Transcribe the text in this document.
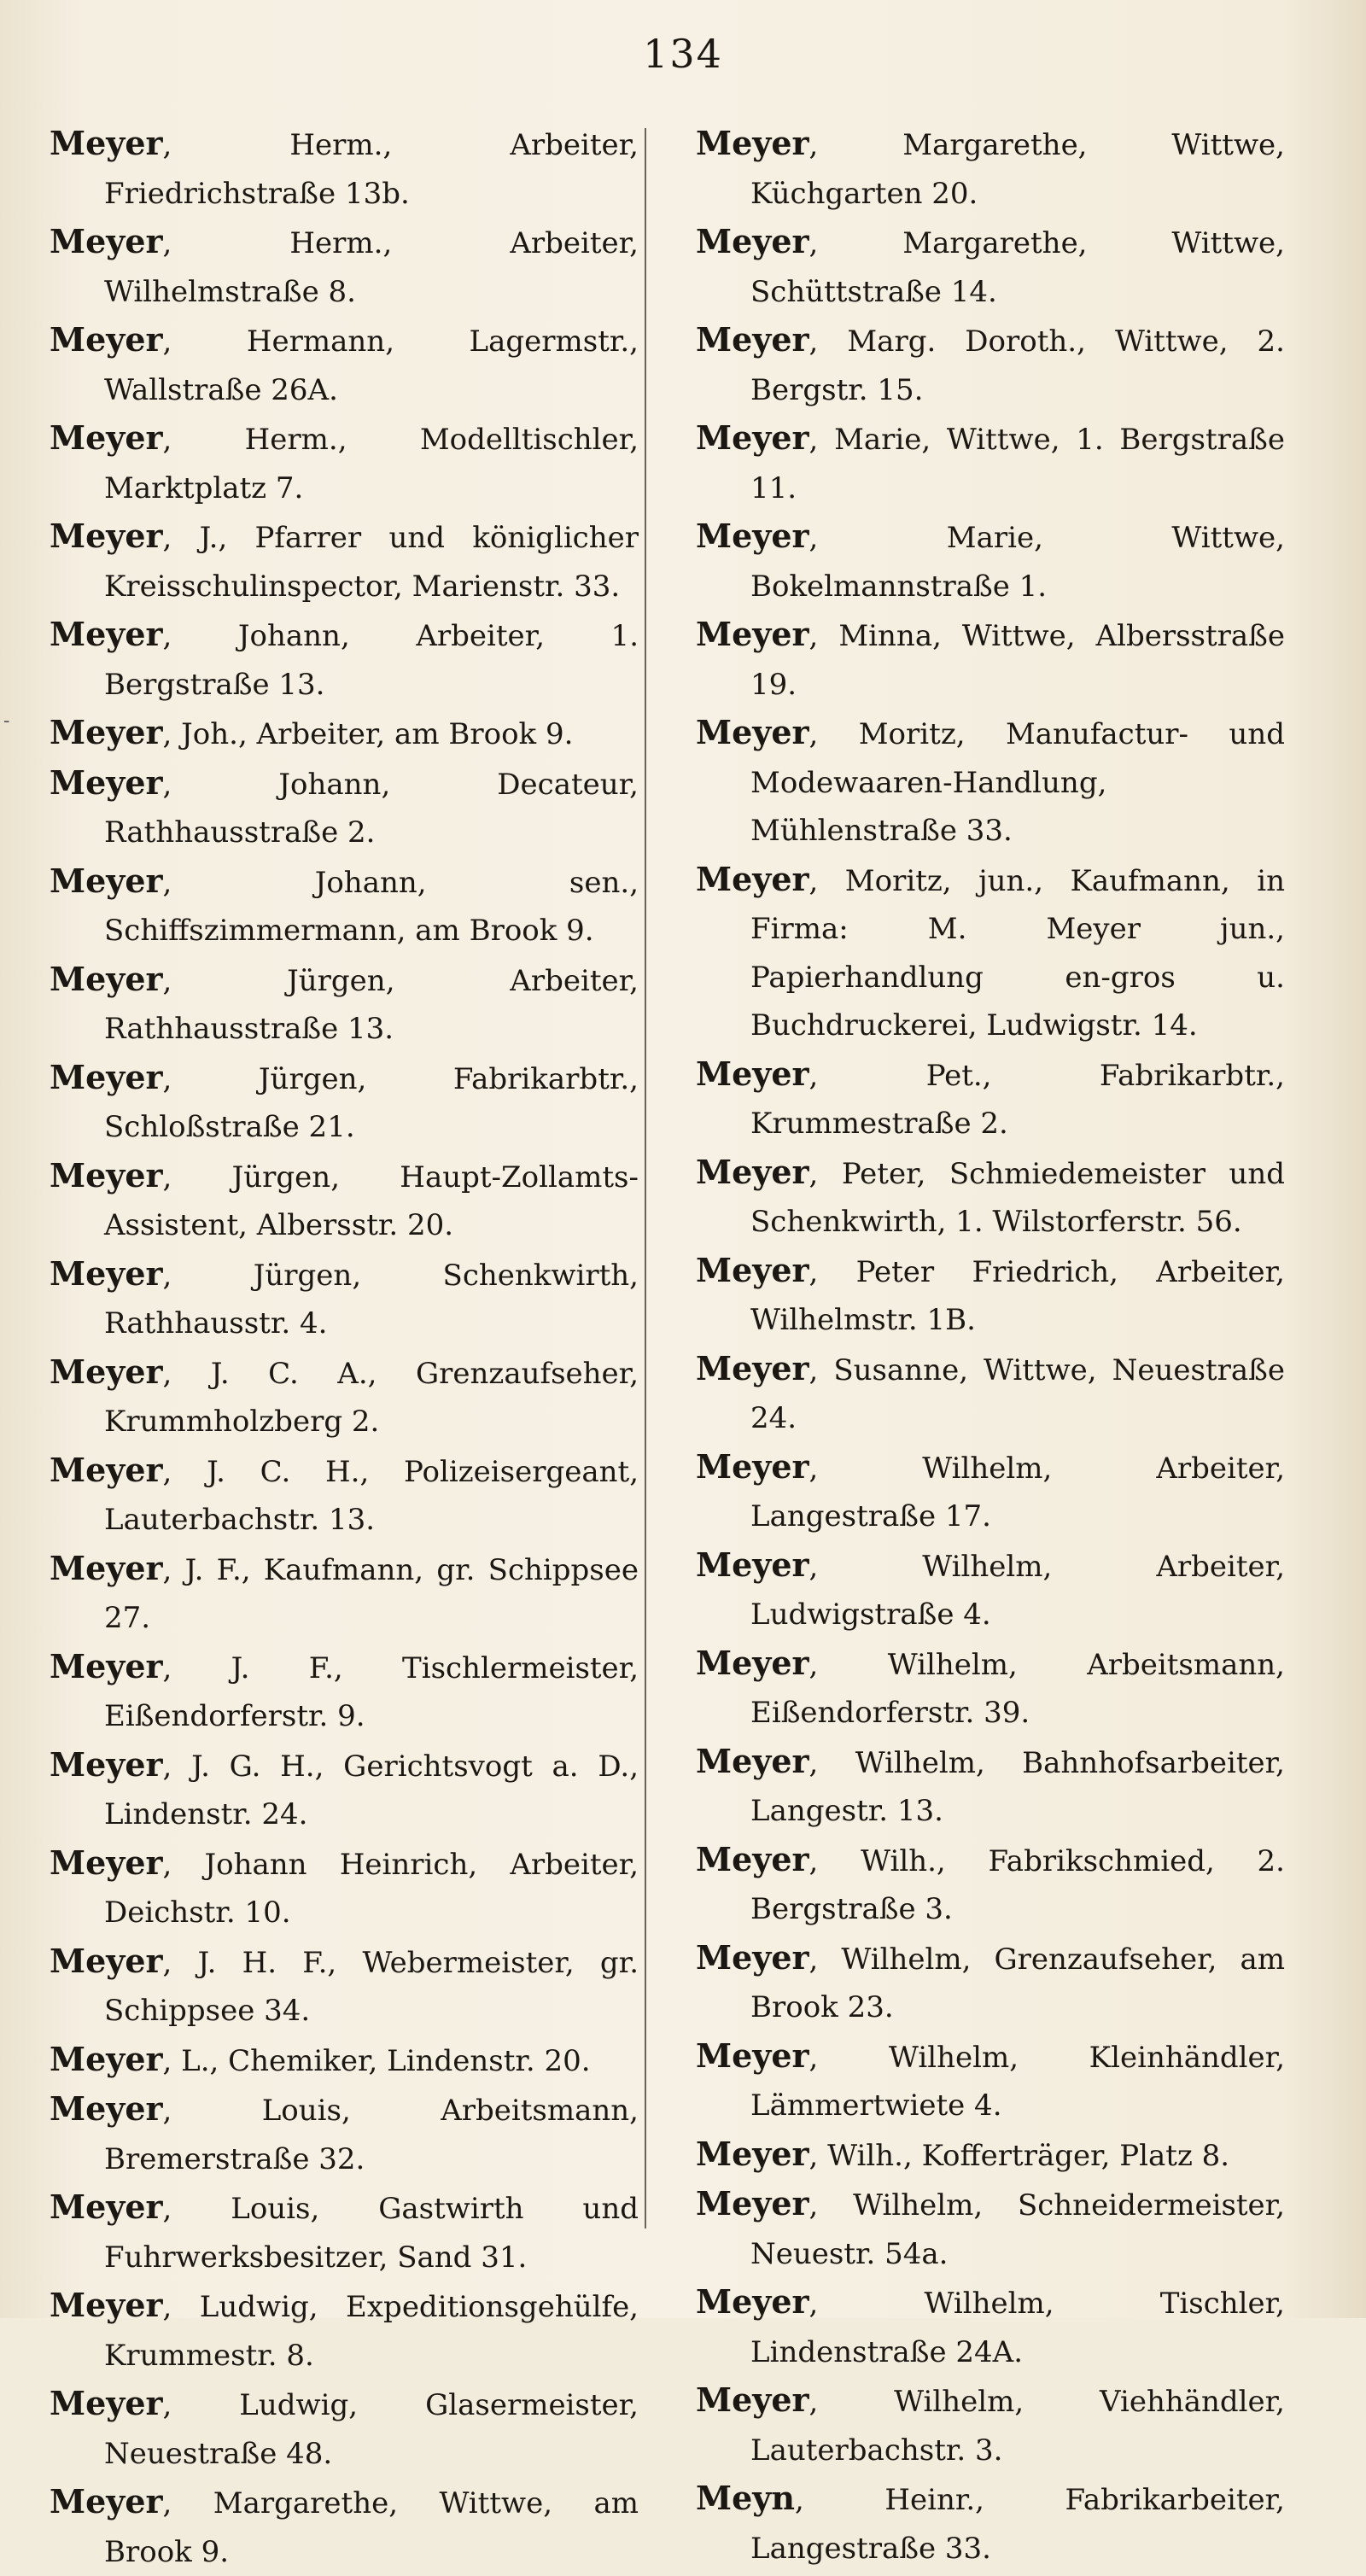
134
-

Meyer, Herm., Arbeiter, Friedrichstraße 13b.

Meyer, Herm., Arbeiter, Wilhelmstraße 8.

Meyer, Hermann, Lagermstr., Wallstraße 26A.

Meyer, Herm., Modelltischler, Marktplatz 7.

Meyer, J., Pfarrer und königlicher Kreisschulinspector, Marienstr. 33.

Meyer, Johann, Arbeiter, 1. Bergstraße 13.

Meyer, Joh., Arbeiter, am Brook 9.

Meyer, Johann, Decateur, Rathhausstraße 2.

Meyer, Johann, sen., Schiffszimmermann, am Brook 9.

Meyer, Jürgen, Arbeiter, Rathhausstraße 13.

Meyer, Jürgen, Fabrikarbtr., Schloßstraße 21.

Meyer, Jürgen, Haupt-Zollamts-Assistent, Albersstr. 20.

Meyer, Jürgen, Schenkwirth, Rathhausstr. 4.

Meyer, J. C. A., Grenzaufseher, Krummholzberg 2.

Meyer, J. C. H., Polizeisergeant, Lauterbachstr. 13.

Meyer, J. F., Kaufmann, gr. Schippsee 27.

Meyer, J. F., Tischlermeister, Eißendorferstr. 9.

Meyer, J. G. H., Gerichtsvogt a. D., Lindenstr. 24.

Meyer, Johann Heinrich, Arbeiter, Deichstr. 10.

Meyer, J. H. F., Webermeister, gr. Schippsee 34.

Meyer, L., Chemiker, Lindenstr. 20.

Meyer, Louis, Arbeitsmann, Bremerstraße 32.

Meyer, Louis, Gastwirth und Fuhrwerksbesitzer, Sand 31.

Meyer, Ludwig, Expeditionsgehülfe, Krummestr. 8.

Meyer, Ludwig, Glasermeister, Neuestraße 48.

Meyer, Margarethe, Wittwe, am Brook 9.

Meyer, Margarethe, Wittwe, Küchgarten 20.

Meyer, Margarethe, Wittwe, Schüttstraße 14.

Meyer, Marg. Doroth., Wittwe, 2. Bergstr. 15.

Meyer, Marie, Wittwe, 1. Bergstraße 11.

Meyer, Marie, Wittwe, Bokelmannstraße 1.

Meyer, Minna, Wittwe, Albersstraße 19.

Meyer, Moritz, Manufactur- und Modewaaren-Handlung, Mühlenstraße 33.

Meyer, Moritz, jun., Kaufmann, in Firma: M. Meyer jun., Papierhandlung en-gros u. Buchdruckerei, Ludwigstr. 14.

Meyer, Pet., Fabrikarbtr., Krummestraße 2.

Meyer, Peter, Schmiedemeister und Schenkwirth, 1. Wilstorferstr. 56.

Meyer, Peter Friedrich, Arbeiter, Wilhelmstr. 1B.

Meyer, Susanne, Wittwe, Neuestraße 24.

Meyer, Wilhelm, Arbeiter, Langestraße 17.

Meyer, Wilhelm, Arbeiter, Ludwigstraße 4.

Meyer, Wilhelm, Arbeitsmann, Eißendorferstr. 39.

Meyer, Wilhelm, Bahnhofsarbeiter, Langestr. 13.

Meyer, Wilh., Fabrikschmied, 2. Bergstraße 3.

Meyer, Wilhelm, Grenzaufseher, am Brook 23.

Meyer, Wilhelm, Kleinhändler, Lämmertwiete 4.

Meyer, Wilh., Kofferträger, Platz 8.

Meyer, Wilhelm, Schneidermeister, Neuestr. 54a.

Meyer, Wilhelm, Tischler, Lindenstraße 24A.

Meyer, Wilhelm, Viehhändler, Lauterbachstr. 3.

Meyn, Heinr., Fabrikarbeiter, Langestraße 33.
